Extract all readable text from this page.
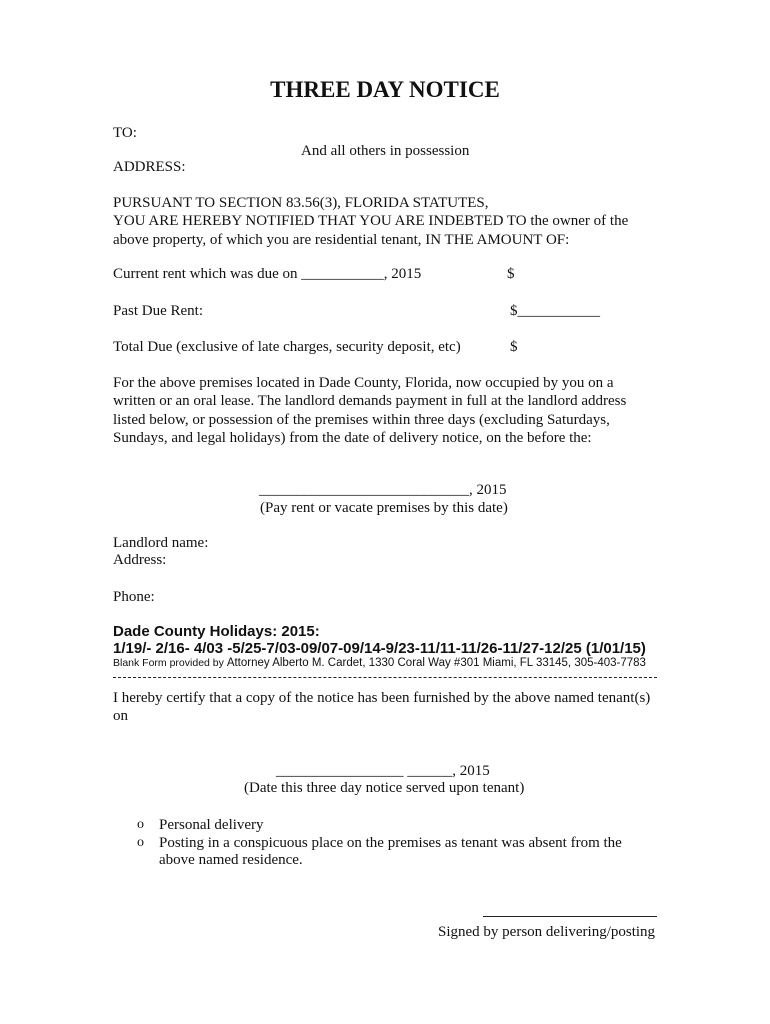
THREE DAY NOTICE
TO:
And all others in possession
ADDRESS:
PURSUANT TO SECTION 83.56(3), FLORIDA STATUTES,
YOU ARE HEREBY NOTIFIED THAT YOU ARE INDEBTED TO the owner of the
above property, of which you are residential tenant, IN THE AMOUNT OF:
Current rent which was due on ___________, 2015	$
Past Due Rent:	$___________
Total Due (exclusive of late charges, security deposit, etc)	$
For the above premises located in Dade County, Florida, now occupied by you on a
written or an oral lease. The landlord demands payment in full at the landlord address
listed below, or possession of the premises within three days (excluding Saturdays,
Sundays, and legal holidays) from the date of delivery notice, on the before the:
____________________________, 2015
(Pay rent or vacate premises by this date)
Landlord name:
Address:
Phone:
Dade County Holidays: 2015:
1/19/- 2/16- 4/03 -5/25-7/03-09/07-09/14-9/23-11/11-11/26-11/27-12/25 (1/01/15)
Blank Form provided by Attorney Alberto M. Cardet, 1330 Coral Way #301 Miami, FL 33145, 305-403-7783
I hereby certify that a copy of the notice has been furnished by the above named tenant(s)
on
_________________ ______, 2015
(Date this three day notice served upon tenant)
o Personal delivery
o Posting in a conspicuous place on the premises as tenant was absent from the
above named residence.
Signed by person delivering/posting
